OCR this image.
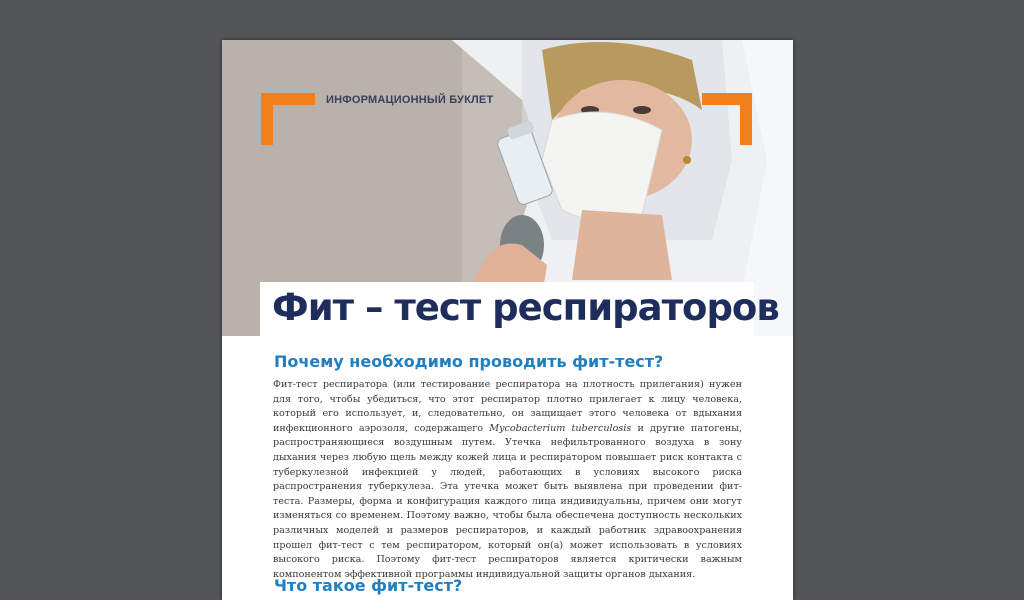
ИНФОРМАЦИОННЫЙ БУКЛЕТ
Фит – тест респираторов
Почему необходимо проводить фит-тест?

Фит-тест респиратора (или тестирование респиратора на плотность прилегания) нужен для того, чтобы убедиться, что этот респиратор плотно прилегает к лицу человека, который его использует, и, следовательно, он защищает этого человека от вдыхания инфекционного аэрозоля, содержащего Mycobacterium tuberculosis и другие патогены, распространяющиеся воздушным путем. Утечка нефильтрованного воздуха в зону дыхания через любую щель между кожей лица и респиратором повышает риск контакта с туберкулезной инфекцией у людей, работающих в условиях высокого риска распространения туберкулеза. Эта утечка может быть выявлена при проведении фит-теста. Размеры, форма и конфигурация каждого лица индивидуальны, причем они могут изменяться со временем. Поэтому важно, чтобы была обеспечена доступность нескольких различных моделей и размеров респираторов, и каждый работник здравоохранения прошел фит-тест с тем респиратором, который он(а) может использовать в условиях высокого риска. Поэтому фит-тест респираторов является критически важным компонентом эффективной программы индивидуальной защиты органов дыхания.

Что такое фит-тест?
